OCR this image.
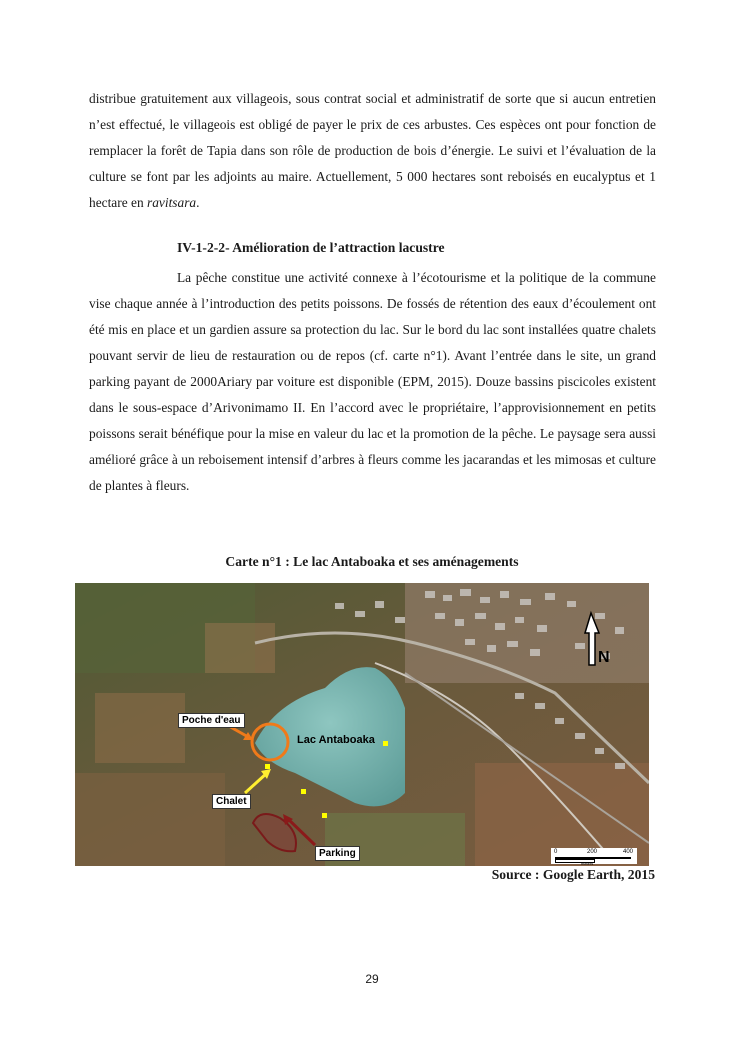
distribue gratuitement aux villageois, sous contrat social et administratif de sorte que si aucun entretien n’est effectué, le villageois est obligé de payer le prix de ces arbustes. Ces espèces ont pour fonction de remplacer la forêt de Tapia dans son rôle de production de bois d’énergie. Le suivi et l’évaluation de la culture se font par les adjoints au maire. Actuellement, 5 000 hectares sont reboisés en eucalyptus et 1 hectare en ravitsara.

IV-1-2-2- Amélioration de l’attraction lacustre

La pêche constitue une activité connexe à l’écotourisme et la politique de la commune vise chaque année à l’introduction des petits poissons. De fossés de rétention des eaux d’écoulement ont été mis en place et un gardien assure sa protection du lac. Sur le bord du lac sont installées quatre chalets pouvant servir de lieu de restauration ou de repos (cf. carte n°1). Avant l’entrée dans le site, un grand parking payant de 2000Ariary par voiture est disponible (EPM, 2015). Douze bassins piscicoles existent dans le sous-espace d’Arivonimamo II. En l’accord avec le propriétaire, l’approvisionnement en petits poissons serait bénéfique pour la mise en valeur du lac et la promotion de la pêche. Le paysage sera aussi amélioré grâce à un reboisement intensif d’arbres à fleurs comme les jacarandas et les mimosas et culture de plantes à fleurs.

Carte n°1 : Le lac Antaboaka et ses aménagements
Poche d'eau
Lac Antaboaka
Chalet
Parking
N
0	200	400
meters
Source : Google Earth, 2015
29
